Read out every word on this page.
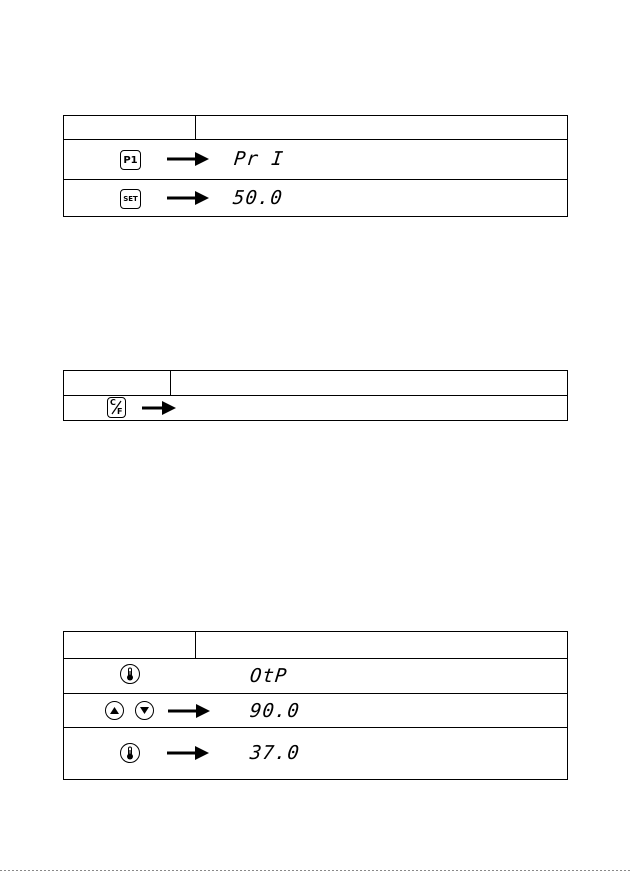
P1	Pr I
SET	50.0
C
F
OtP
90.0
37.0
